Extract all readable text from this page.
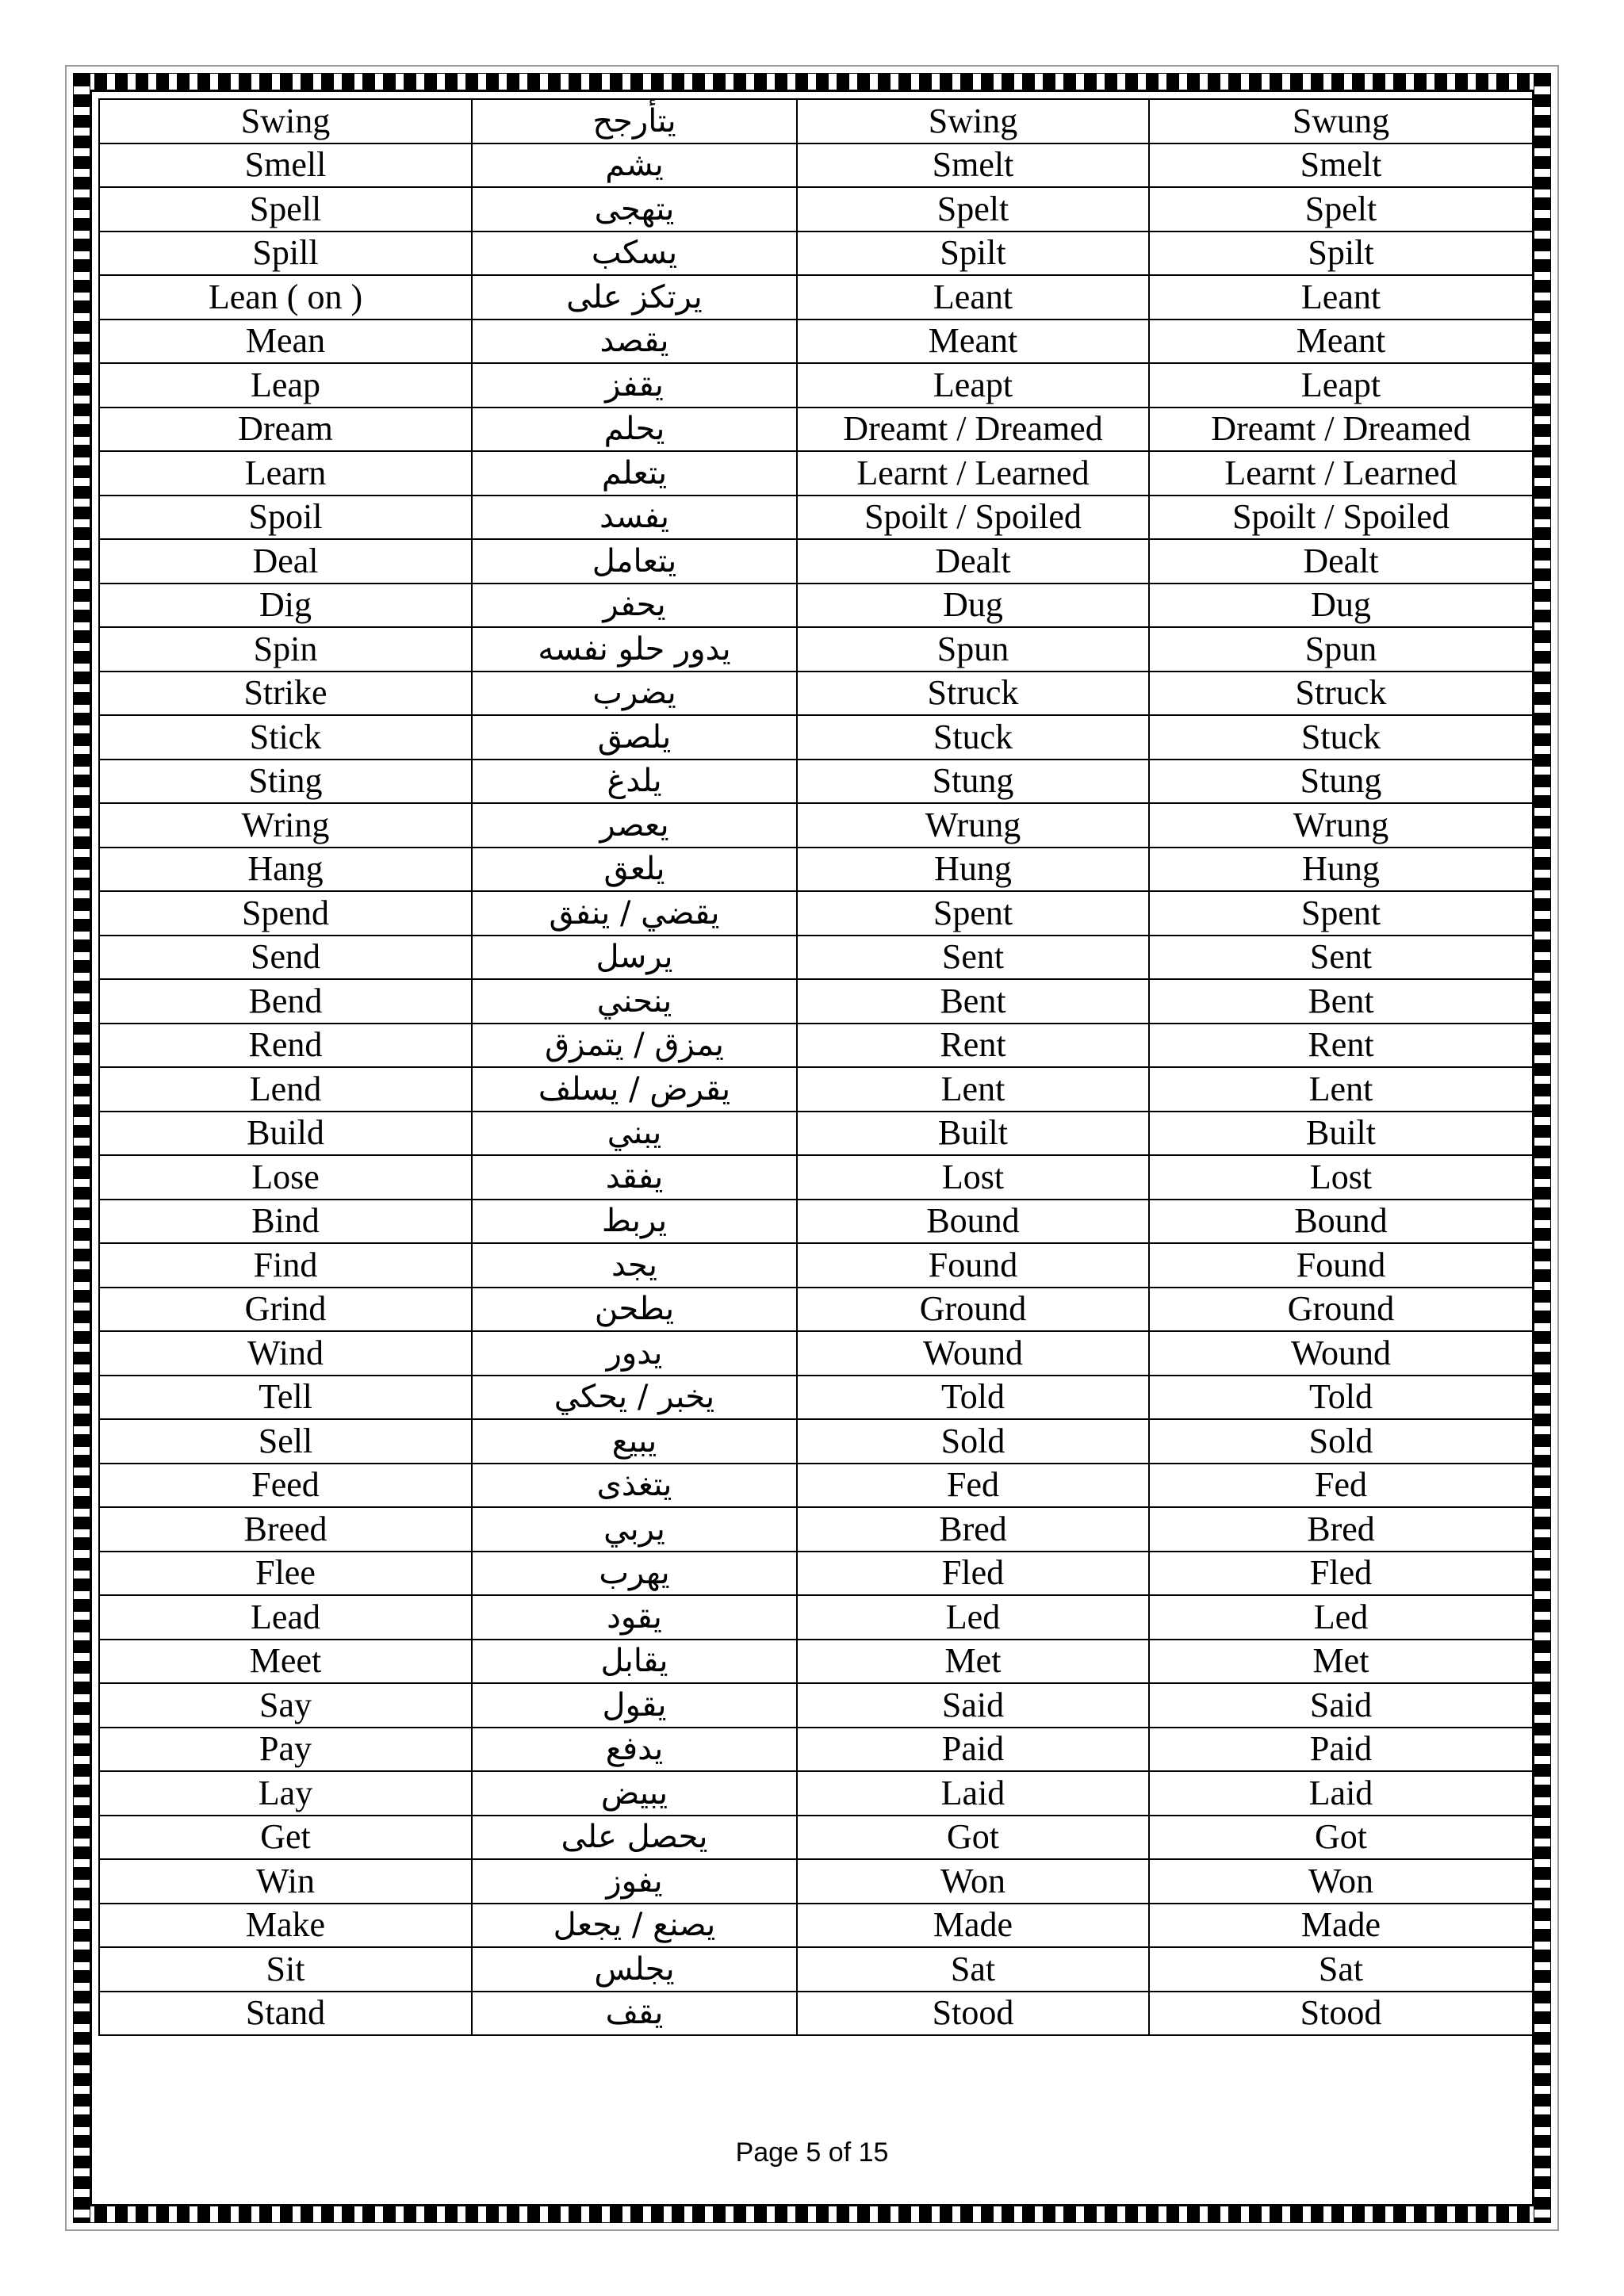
Swing	يتأرجح	Swing	Swung
Smell	يشم	Smelt	Smelt
Spell	يتهجى	Spelt	Spelt
Spill	يسكب	Spilt	Spilt
Lean ( on )	يرتكز على	Leant	Leant
Mean	يقصد	Meant	Meant
Leap	يقفز	Leapt	Leapt
Dream	يحلم	Dreamt / Dreamed	Dreamt / Dreamed
Learn	يتعلم	Learnt / Learned	Learnt / Learned
Spoil	يفسد	Spoilt / Spoiled	Spoilt / Spoiled
Deal	يتعامل	Dealt	Dealt
Dig	يحفر	Dug	Dug
Spin	يدور حلو نفسه	Spun	Spun
Strike	يضرب	Struck	Struck
Stick	يلصق	Stuck	Stuck
Sting	يلدغ	Stung	Stung
Wring	يعصر	Wrung	Wrung
Hang	يلعق	Hung	Hung
Spend	يقضي / ينفق	Spent	Spent
Send	يرسل	Sent	Sent
Bend	ينحني	Bent	Bent
Rend	يمزق / يتمزق	Rent	Rent
Lend	يقرض / يسلف	Lent	Lent
Build	يبني	Built	Built
Lose	يفقد	Lost	Lost
Bind	يربط	Bound	Bound
Find	يجد	Found	Found
Grind	يطحن	Ground	Ground
Wind	يدور	Wound	Wound
Tell	يخبر / يحكي	Told	Told
Sell	يبيع	Sold	Sold
Feed	يتغذى	Fed	Fed
Breed	يربي	Bred	Bred
Flee	يهرب	Fled	Fled
Lead	يقود	Led	Led
Meet	يقابل	Met	Met
Say	يقول	Said	Said
Pay	يدفع	Paid	Paid
Lay	يبيض	Laid	Laid
Get	يحصل على	Got	Got
Win	يفوز	Won	Won
Make	يصنع / يجعل	Made	Made
Sit	يجلس	Sat	Sat
Stand	يقف	Stood	Stood
Page 5 of 15
